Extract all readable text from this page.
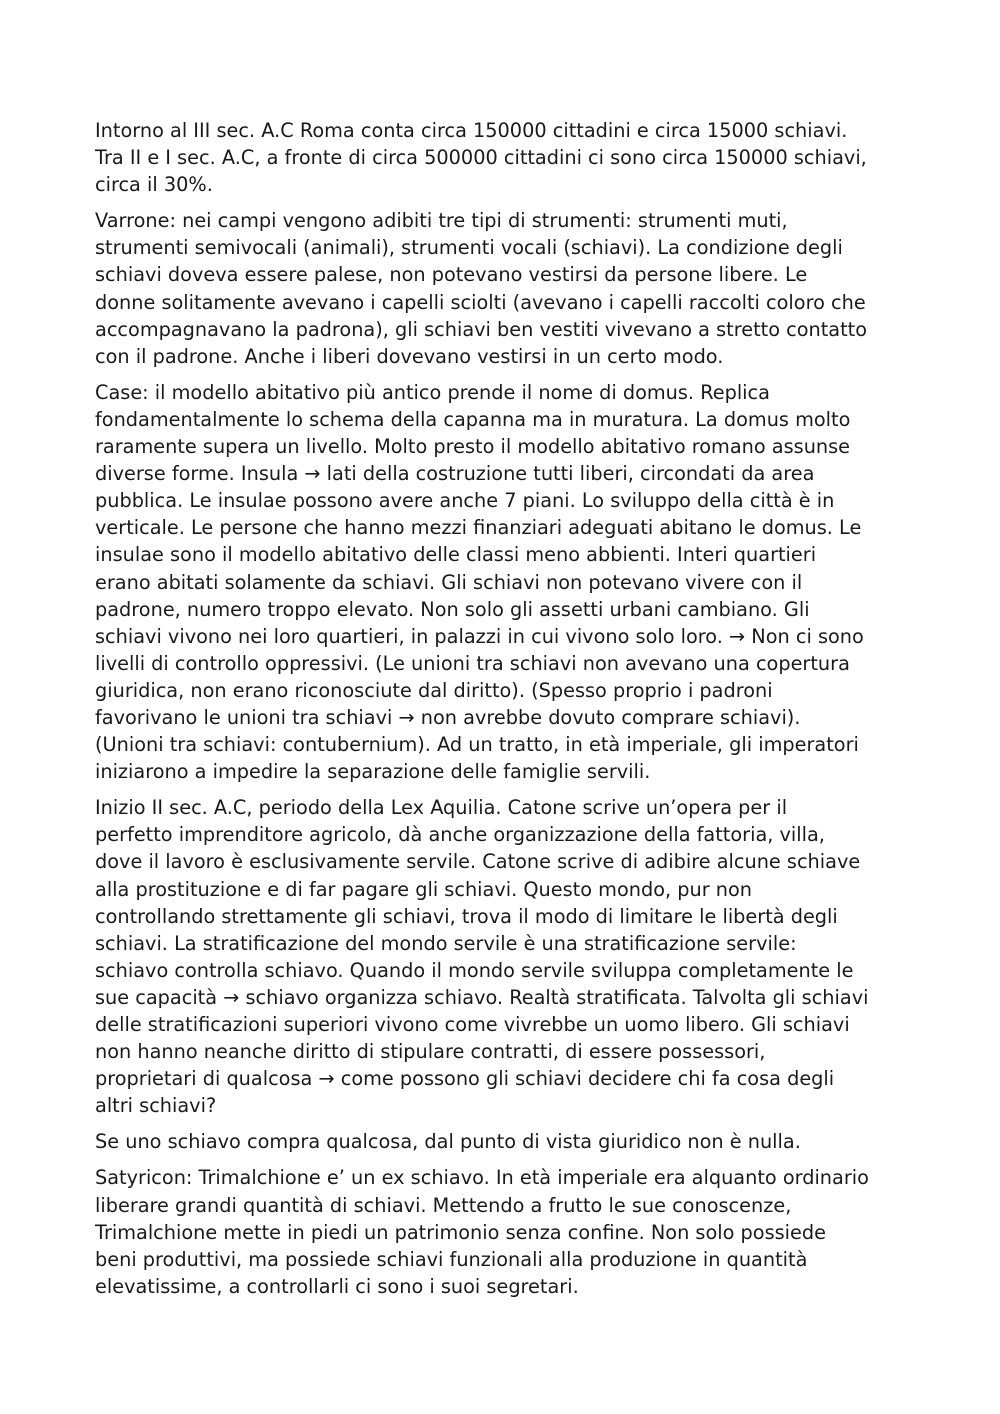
Intorno al III sec. A.C Roma conta circa 150000 cittadini e circa 15000 schiavi.
Tra II e I sec. A.C, a fronte di circa 500000 cittadini ci sono circa 150000 schiavi,
circa il 30%.

Varrone: nei campi vengono adibiti tre tipi di strumenti: strumenti muti,
strumenti semivocali (animali), strumenti vocali (schiavi). La condizione degli
schiavi doveva essere palese, non potevano vestirsi da persone libere. Le
donne solitamente avevano i capelli sciolti (avevano i capelli raccolti coloro che
accompagnavano la padrona), gli schiavi ben vestiti vivevano a stretto contatto
con il padrone. Anche i liberi dovevano vestirsi in un certo modo.

Case: il modello abitativo più antico prende il nome di domus. Replica
fondamentalmente lo schema della capanna ma in muratura. La domus molto
raramente supera un livello. Molto presto il modello abitativo romano assunse
diverse forme. Insula → lati della costruzione tutti liberi, circondati da area
pubblica. Le insulae possono avere anche 7 piani. Lo sviluppo della città è in
verticale. Le persone che hanno mezzi finanziari adeguati abitano le domus. Le
insulae sono il modello abitativo delle classi meno abbienti. Interi quartieri
erano abitati solamente da schiavi. Gli schiavi non potevano vivere con il
padrone, numero troppo elevato. Non solo gli assetti urbani cambiano. Gli
schiavi vivono nei loro quartieri, in palazzi in cui vivono solo loro. → Non ci sono
livelli di controllo oppressivi. (Le unioni tra schiavi non avevano una copertura
giuridica, non erano riconosciute dal diritto). (Spesso proprio i padroni
favorivano le unioni tra schiavi → non avrebbe dovuto comprare schiavi).
(Unioni tra schiavi: contubernium). Ad un tratto, in età imperiale, gli imperatori
iniziarono a impedire la separazione delle famiglie servili.

Inizio II sec. A.C, periodo della Lex Aquilia. Catone scrive un’opera per il
perfetto imprenditore agricolo, dà anche organizzazione della fattoria, villa,
dove il lavoro è esclusivamente servile. Catone scrive di adibire alcune schiave
alla prostituzione e di far pagare gli schiavi. Questo mondo, pur non
controllando strettamente gli schiavi, trova il modo di limitare le libertà degli
schiavi. La stratificazione del mondo servile è una stratificazione servile:
schiavo controlla schiavo. Quando il mondo servile sviluppa completamente le
sue capacità → schiavo organizza schiavo. Realtà stratificata. Talvolta gli schiavi
delle stratificazioni superiori vivono come vivrebbe un uomo libero. Gli schiavi
non hanno neanche diritto di stipulare contratti, di essere possessori,
proprietari di qualcosa → come possono gli schiavi decidere chi fa cosa degli
altri schiavi?

Se uno schiavo compra qualcosa, dal punto di vista giuridico non è nulla.

Satyricon: Trimalchione e’ un ex schiavo. In età imperiale era alquanto ordinario
liberare grandi quantità di schiavi. Mettendo a frutto le sue conoscenze,
Trimalchione mette in piedi un patrimonio senza confine. Non solo possiede
beni produttivi, ma possiede schiavi funzionali alla produzione in quantità
elevatissime, a controllarli ci sono i suoi segretari.
